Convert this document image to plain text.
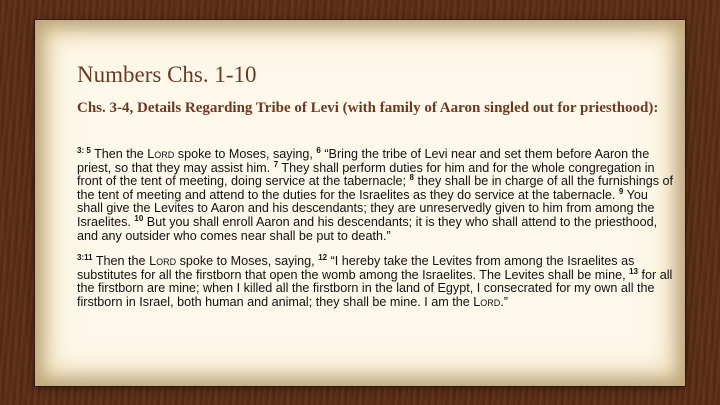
Numbers Chs. 1-10

Chs. 3-4, Details Regarding Tribe of Levi (with family of Aaron singled out for priesthood):

$^{3: 5}$ Then the Lord spoke to Moses, saying, $^6$ “Bring the tribe of Levi near and set them before Aaron the priest, so that they may assist him. $^7$ They shall perform duties for him and for the whole congregation in front of the tent of meeting, doing service at the tabernacle; $^8$ they shall be in charge of all the furnishings of the tent of meeting and attend to the duties for the Israelites as they do service at the tabernacle. $^9$ You shall give the Levites to Aaron and his descendants; they are unreservedly given to him from among the Israelites. $^{10}$ But you shall enroll Aaron and his descendants; it is they who shall attend to the priesthood, and any outsider who comes near shall be put to death.”

$^{3:11}$ Then the Lord spoke to Moses, saying, $^{12}$ “I hereby take the Levites from among the Israelites as substitutes for all the firstborn that open the womb among the Israelites. The Levites shall be mine, $^{13}$ for all the firstborn are mine; when I killed all the firstborn in the land of Egypt, I consecrated for my own all the firstborn in Israel, both human and animal; they shall be mine. I am the Lord.”
